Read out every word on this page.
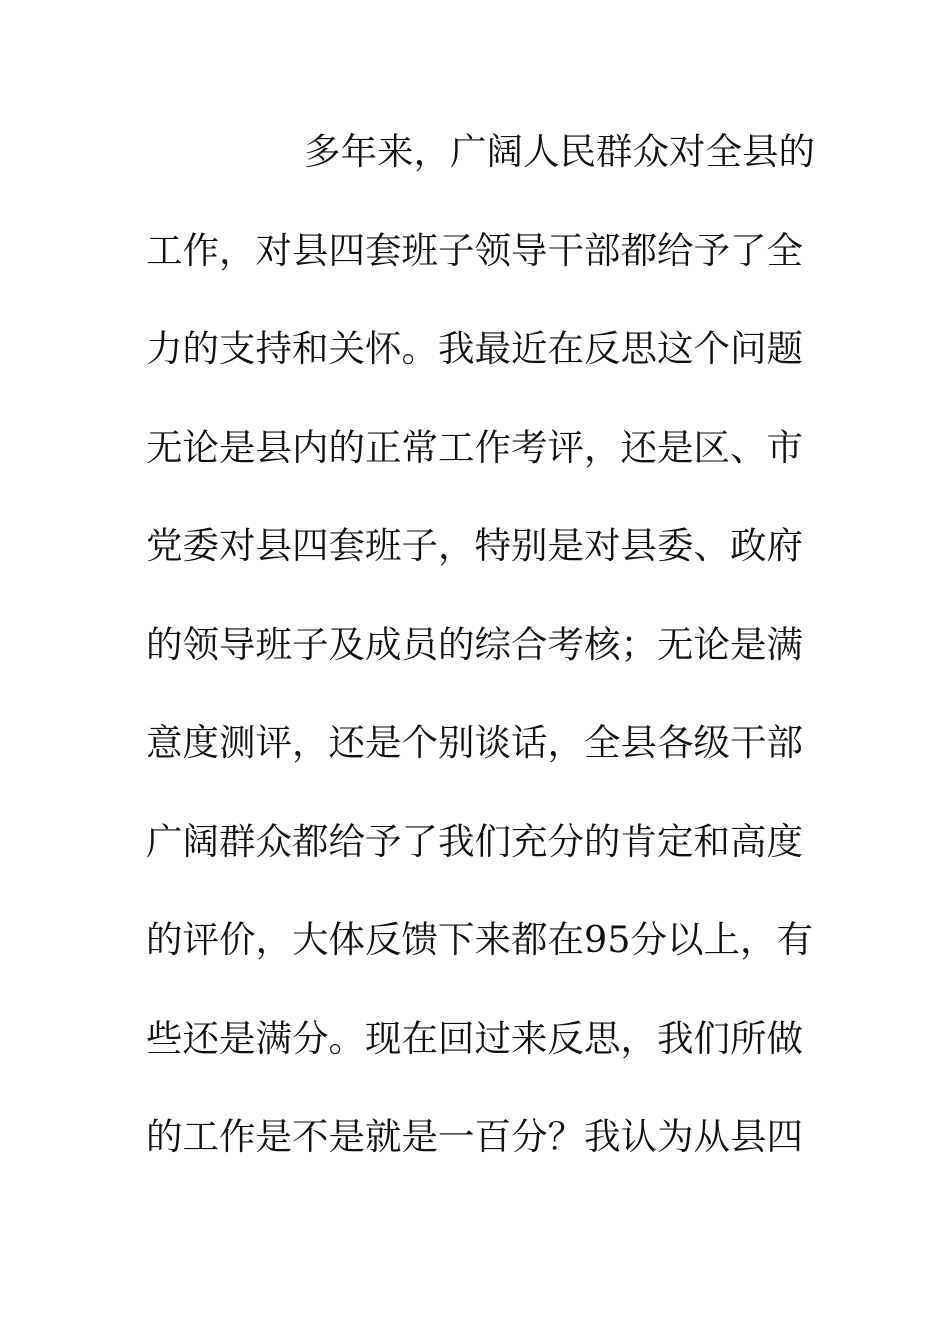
多年来，广阔人民群众对全县的
工作，对县四套班子领导干部都给予了全
力的支持和关怀。我最近在反思这个问题
无论是县内的正常工作考评，还是区、市
党委对县四套班子，特别是对县委、政府
的领导班子及成员的综合考核；无论是满
意度测评，还是个别谈话，全县各级干部
广阔群众都给予了我们充分的肯定和高度
的评价，大体反馈下来都在95分以上，有
些还是满分。现在回过来反思，我们所做
的工作是不是就是一百分？我认为从县四
